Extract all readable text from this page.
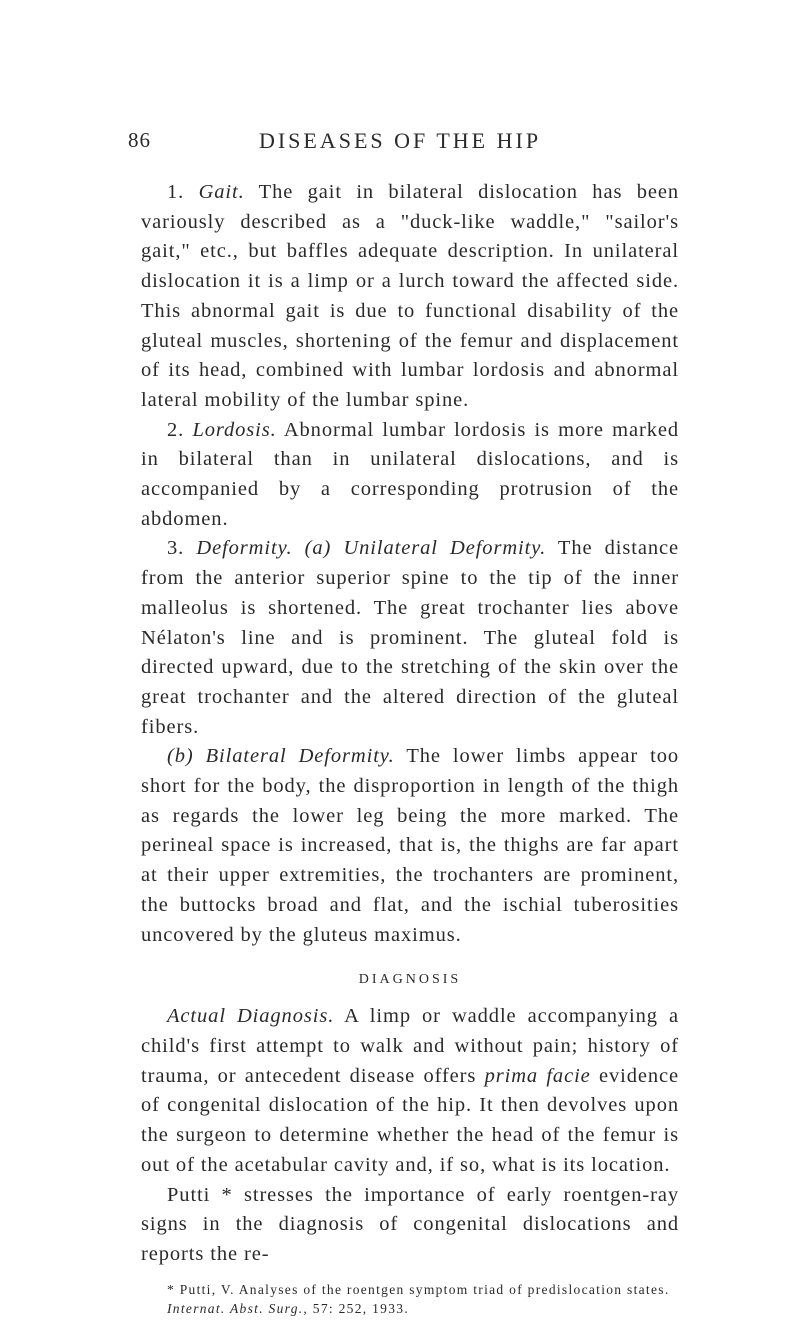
86	DISEASES OF THE HIP

1. Gait. The gait in bilateral dislocation has been variously described as a "duck-like waddle," "sailor's gait," etc., but baffles adequate description. In unilateral dislocation it is a limp or a lurch toward the affected side. This abnormal gait is due to functional disability of the gluteal muscles, shortening of the femur and displacement of its head, combined with lumbar lordosis and abnormal lateral mobility of the lumbar spine.

2. Lordosis. Abnormal lumbar lordosis is more marked in bilateral than in unilateral dislocations, and is accompanied by a corresponding protrusion of the abdomen.

3. Deformity. (a) Unilateral Deformity. The distance from the anterior superior spine to the tip of the inner malleolus is shortened. The great trochanter lies above Nélaton's line and is prominent. The gluteal fold is directed upward, due to the stretching of the skin over the great trochanter and the altered direction of the gluteal fibers.

(b) Bilateral Deformity. The lower limbs appear too short for the body, the disproportion in length of the thigh as regards the lower leg being the more marked. The perineal space is increased, that is, the thighs are far apart at their upper extremities, the trochanters are prominent, the buttocks broad and flat, and the ischial tuberosities uncovered by the gluteus maximus.

DIAGNOSIS

Actual Diagnosis. A limp or waddle accompanying a child's first attempt to walk and without pain; history of trauma, or antecedent disease offers prima facie evidence of congenital dislocation of the hip. It then devolves upon the surgeon to determine whether the head of the femur is out of the acetabular cavity and, if so, what is its location.

Putti * stresses the importance of early roentgen-ray signs in the diagnosis of congenital dislocations and reports the re-

* Putti, V. Analyses of the roentgen symptom triad of predislocation states.
Internat. Abst. Surg., 57: 252, 1933.
